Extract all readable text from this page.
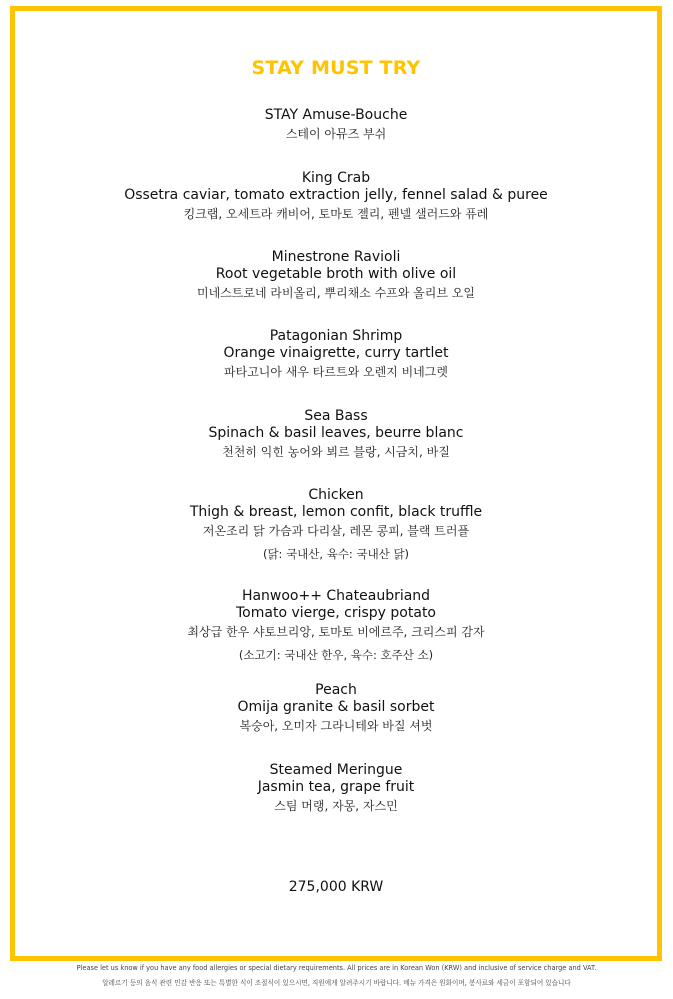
STAY MUST TRY
STAY Amuse-Bouche
스테이 아뮤즈 부쉬
King Crab
Ossetra caviar, tomato extraction jelly, fennel salad & puree
킹크랩, 오세트라 캐비어, 토마토 젤리, 펜넬 샐러드와 퓨레
Minestrone Ravioli
Root vegetable broth with olive oil
미네스트로네 라비올리, 뿌리채소 수프와 올리브 오일
Patagonian Shrimp
Orange vinaigrette, curry tartlet
파타고니아 새우 타르트와 오렌지 비네그렛
Sea Bass
Spinach & basil leaves, beurre blanc
천천히 익힌 농어와 뵈르 블랑, 시금치, 바질
Chicken
Thigh & breast, lemon confit, black truffle
저온조리 닭 가슴과 다리살, 레몬 콩피, 블랙 트러플
(닭: 국내산, 육수: 국내산 닭)
Hanwoo++ Chateaubriand
Tomato vierge, crispy potato
최상급 한우 샤토브리앙, 토마토 비에르주, 크리스피 감자
(소고기: 국내산 한우, 육수: 호주산 소)
Peach
Omija granite & basil sorbet
복숭아, 오미자 그라니테와 바질 셔벗
Steamed Meringue
Jasmin tea, grape fruit
스팀 머랭, 자몽, 자스민
275,000 KRW
Please let us know if you have any food allergies or special dietary requirements. All prices are in Korean Won (KRW) and inclusive of service charge and VAT.
알레르기 등의 음식 관련 민감 반응 또는 특별한 식이 조절식이 있으시면, 직원에게 알려주시기 바랍니다. 메뉴 가격은 원화이며, 봉사료와 세금이 포함되어 있습니다
